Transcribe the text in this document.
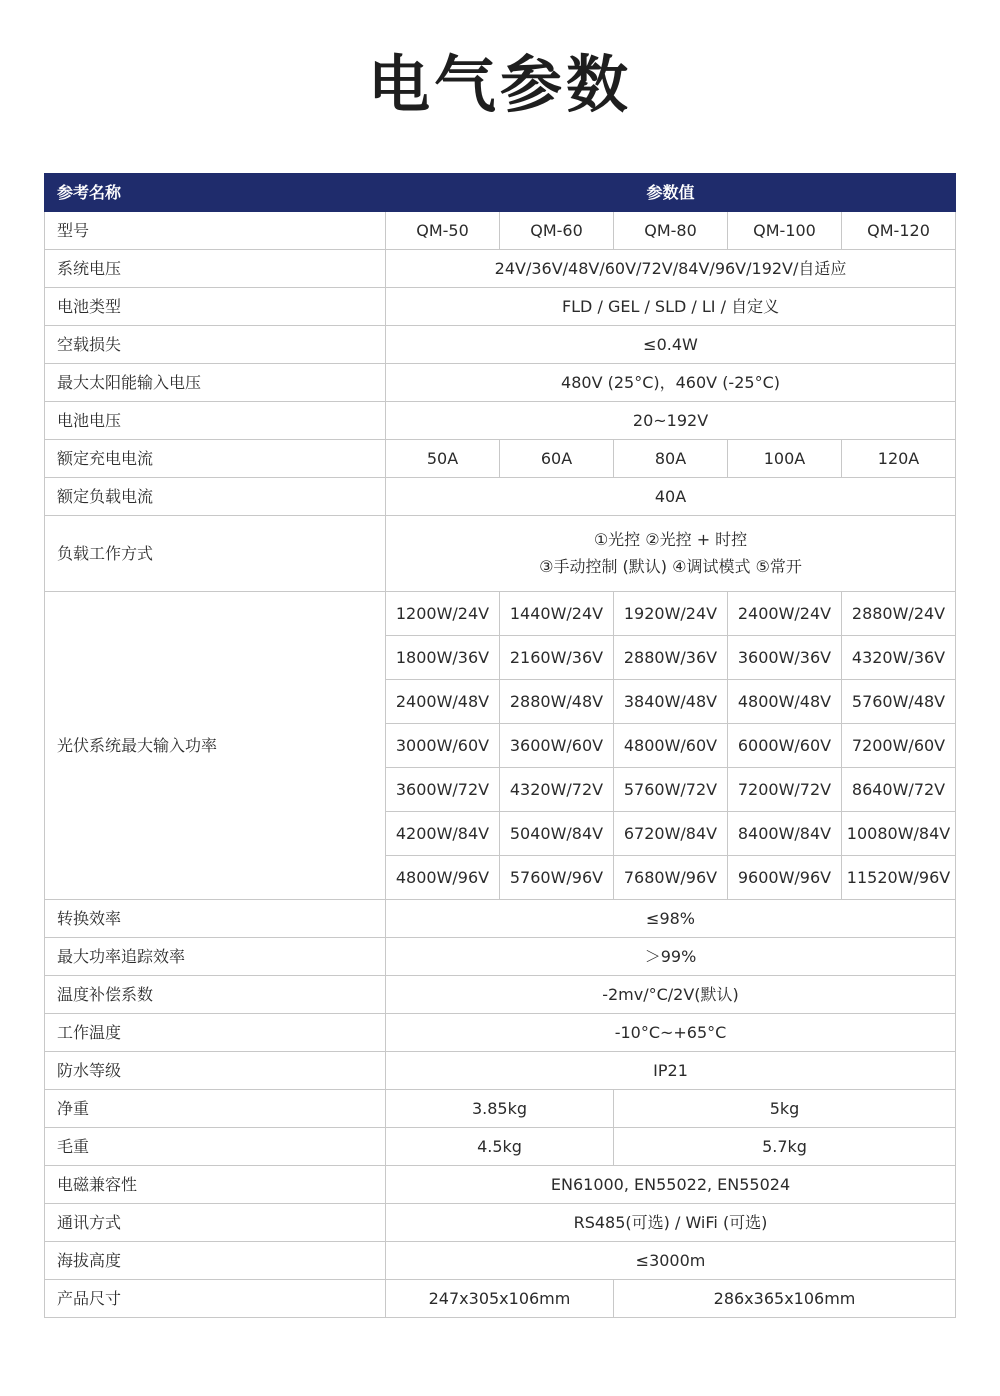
电气参数
参考名称	参数值				
型号	QM-50	QM-60	QM-80	QM-100	QM-120
系统电压	24V/36V/48V/60V/72V/84V/96V/192V/自适应				
电池类型	FLD / GEL / SLD / LI / 自定义				
空载损失	≤0.4W				
最大太阳能输入电压	480V (25°C)，460V (-25°C)				
电池电压	20~192V				
额定充电电流	50A	60A	80A	100A	120A
额定负载电流	40A				
负载工作方式	①光控 ②光控 + 时控
③手动控制 (默认) ④调试模式 ⑤常开				

光伏系统最大输入功率	1200W/24V	1440W/24V	1920W/24V	2400W/24V	2880W/24V
	1800W/36V	2160W/36V	2880W/36V	3600W/36V	4320W/36V
	2400W/48V	2880W/48V	3840W/48V	4800W/48V	5760W/48V
	3000W/60V	3600W/60V	4800W/60V	6000W/60V	7200W/60V
	3600W/72V	4320W/72V	5760W/72V	7200W/72V	8640W/72V
	4200W/84V	5040W/84V	6720W/84V	8400W/84V	10080W/84V
	4800W/96V	5760W/96V	7680W/96V	9600W/96V	11520W/96V
转换效率	≤98%				
最大功率追踪效率	＞99%				
温度补偿系数	-2mv/°C/2V(默认)				
工作温度	-10°C~+65°C				
防水等级	IP21				
净重	3.85kg		5kg		
毛重	4.5kg		5.7kg		
电磁兼容性	EN61000, EN55022, EN55024				
通讯方式	RS485(可选) / WiFi (可选)				
海拔高度	≤3000m				
产品尺寸	247x305x106mm		286x365x106mm		
